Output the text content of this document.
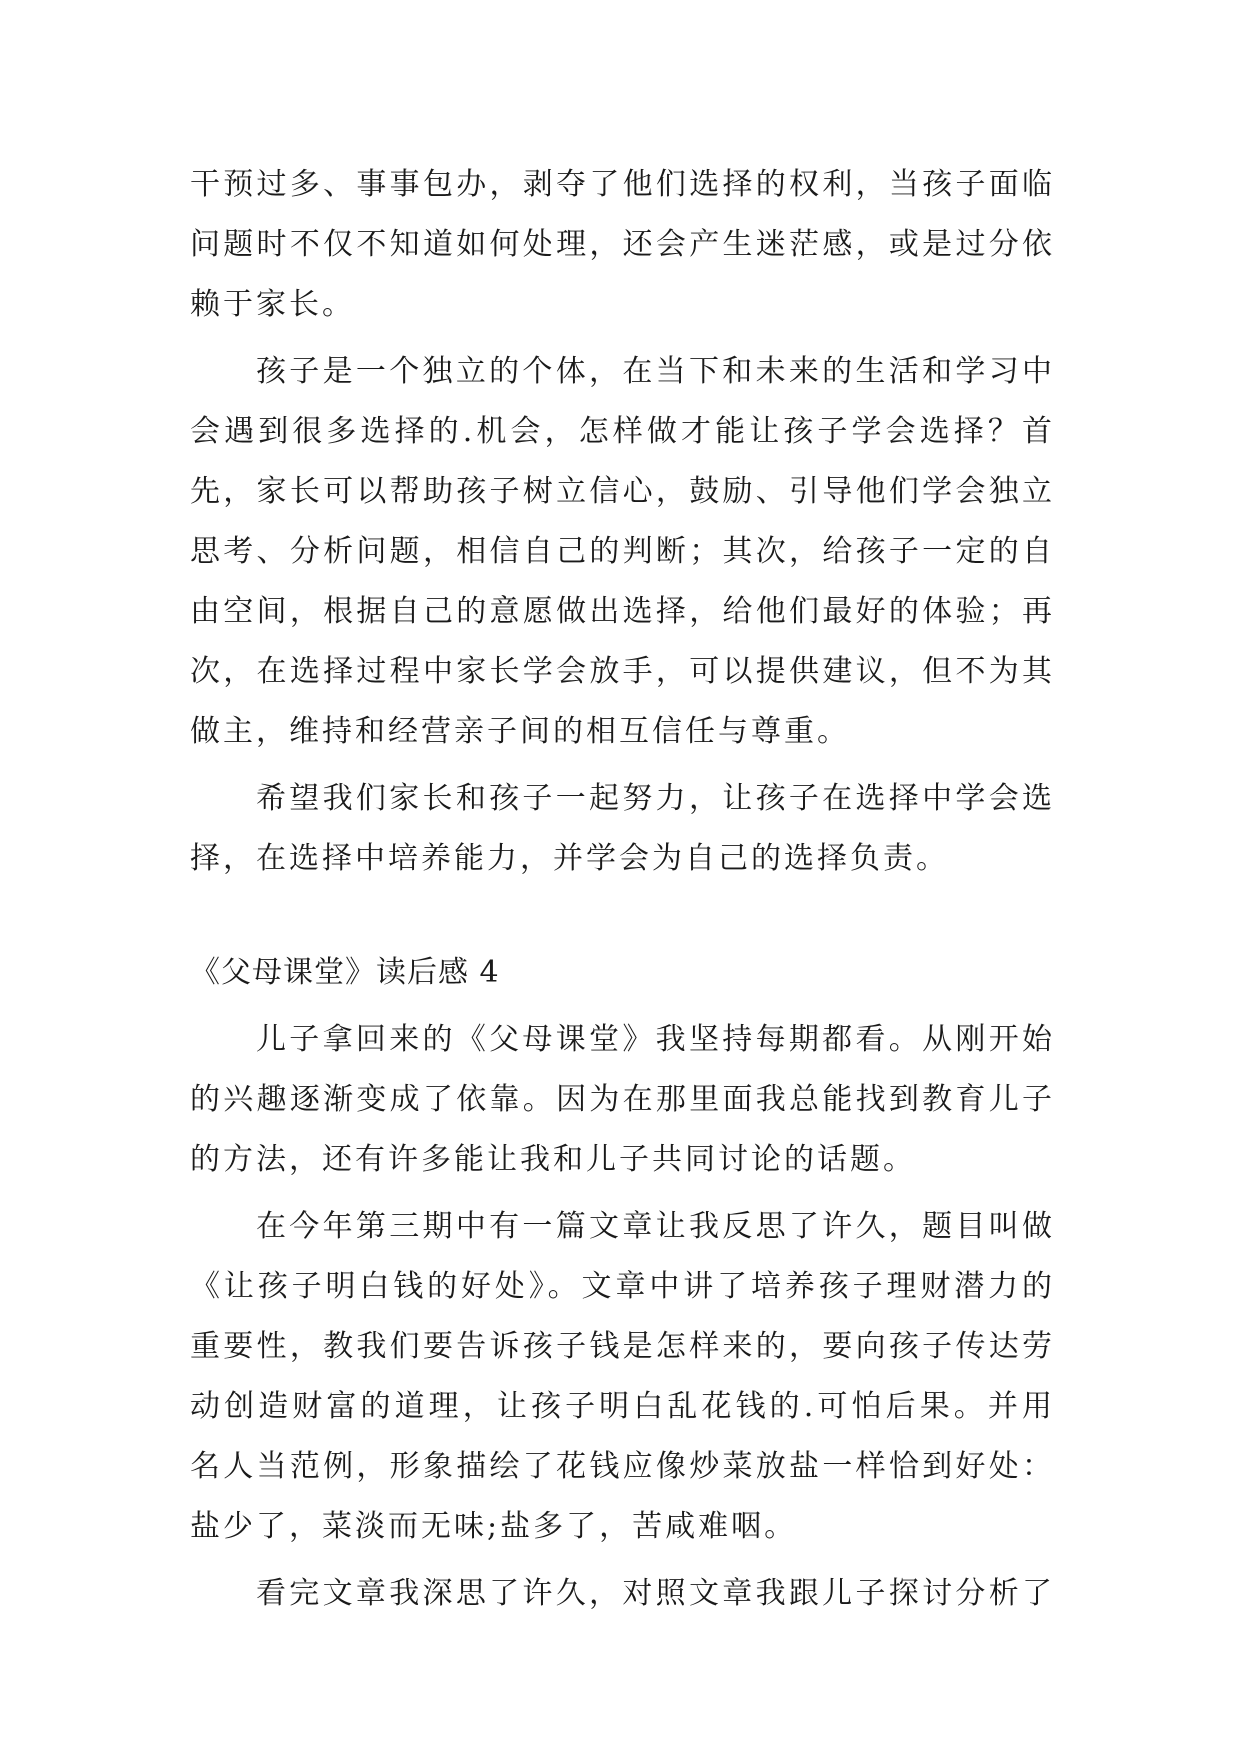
干预过多、事事包办，剥夺了他们选择的权利，当孩子面临
问题时不仅不知道如何处理，还会产生迷茫感，或是过分依
赖于家长。
孩子是一个独立的个体，在当下和未来的生活和学习中
会遇到很多选择的.机会，怎样做才能让孩子学会选择？首
先，家长可以帮助孩子树立信心，鼓励、引导他们学会独立
思考、分析问题，相信自己的判断；其次，给孩子一定的自
由空间，根据自己的意愿做出选择，给他们最好的体验；再
次，在选择过程中家长学会放手，可以提供建议，但不为其
做主，维持和经营亲子间的相互信任与尊重。
希望我们家长和孩子一起努力，让孩子在选择中学会选
择，在选择中培养能力，并学会为自己的选择负责。
《父母课堂》读后感 4
儿子拿回来的《父母课堂》我坚持每期都看。从刚开始
的兴趣逐渐变成了依靠。因为在那里面我总能找到教育儿子
的方法，还有许多能让我和儿子共同讨论的话题。
在今年第三期中有一篇文章让我反思了许久，题目叫做
《让孩子明白钱的好处》。文章中讲了培养孩子理财潜力的
重要性，教我们要告诉孩子钱是怎样来的，要向孩子传达劳
动创造财富的道理，让孩子明白乱花钱的.可怕后果。并用
名人当范例，形象描绘了花钱应像炒菜放盐一样恰到好处：
盐少了，菜淡而无味;盐多了，苦咸难咽。
看完文章我深思了许久，对照文章我跟儿子探讨分析了
